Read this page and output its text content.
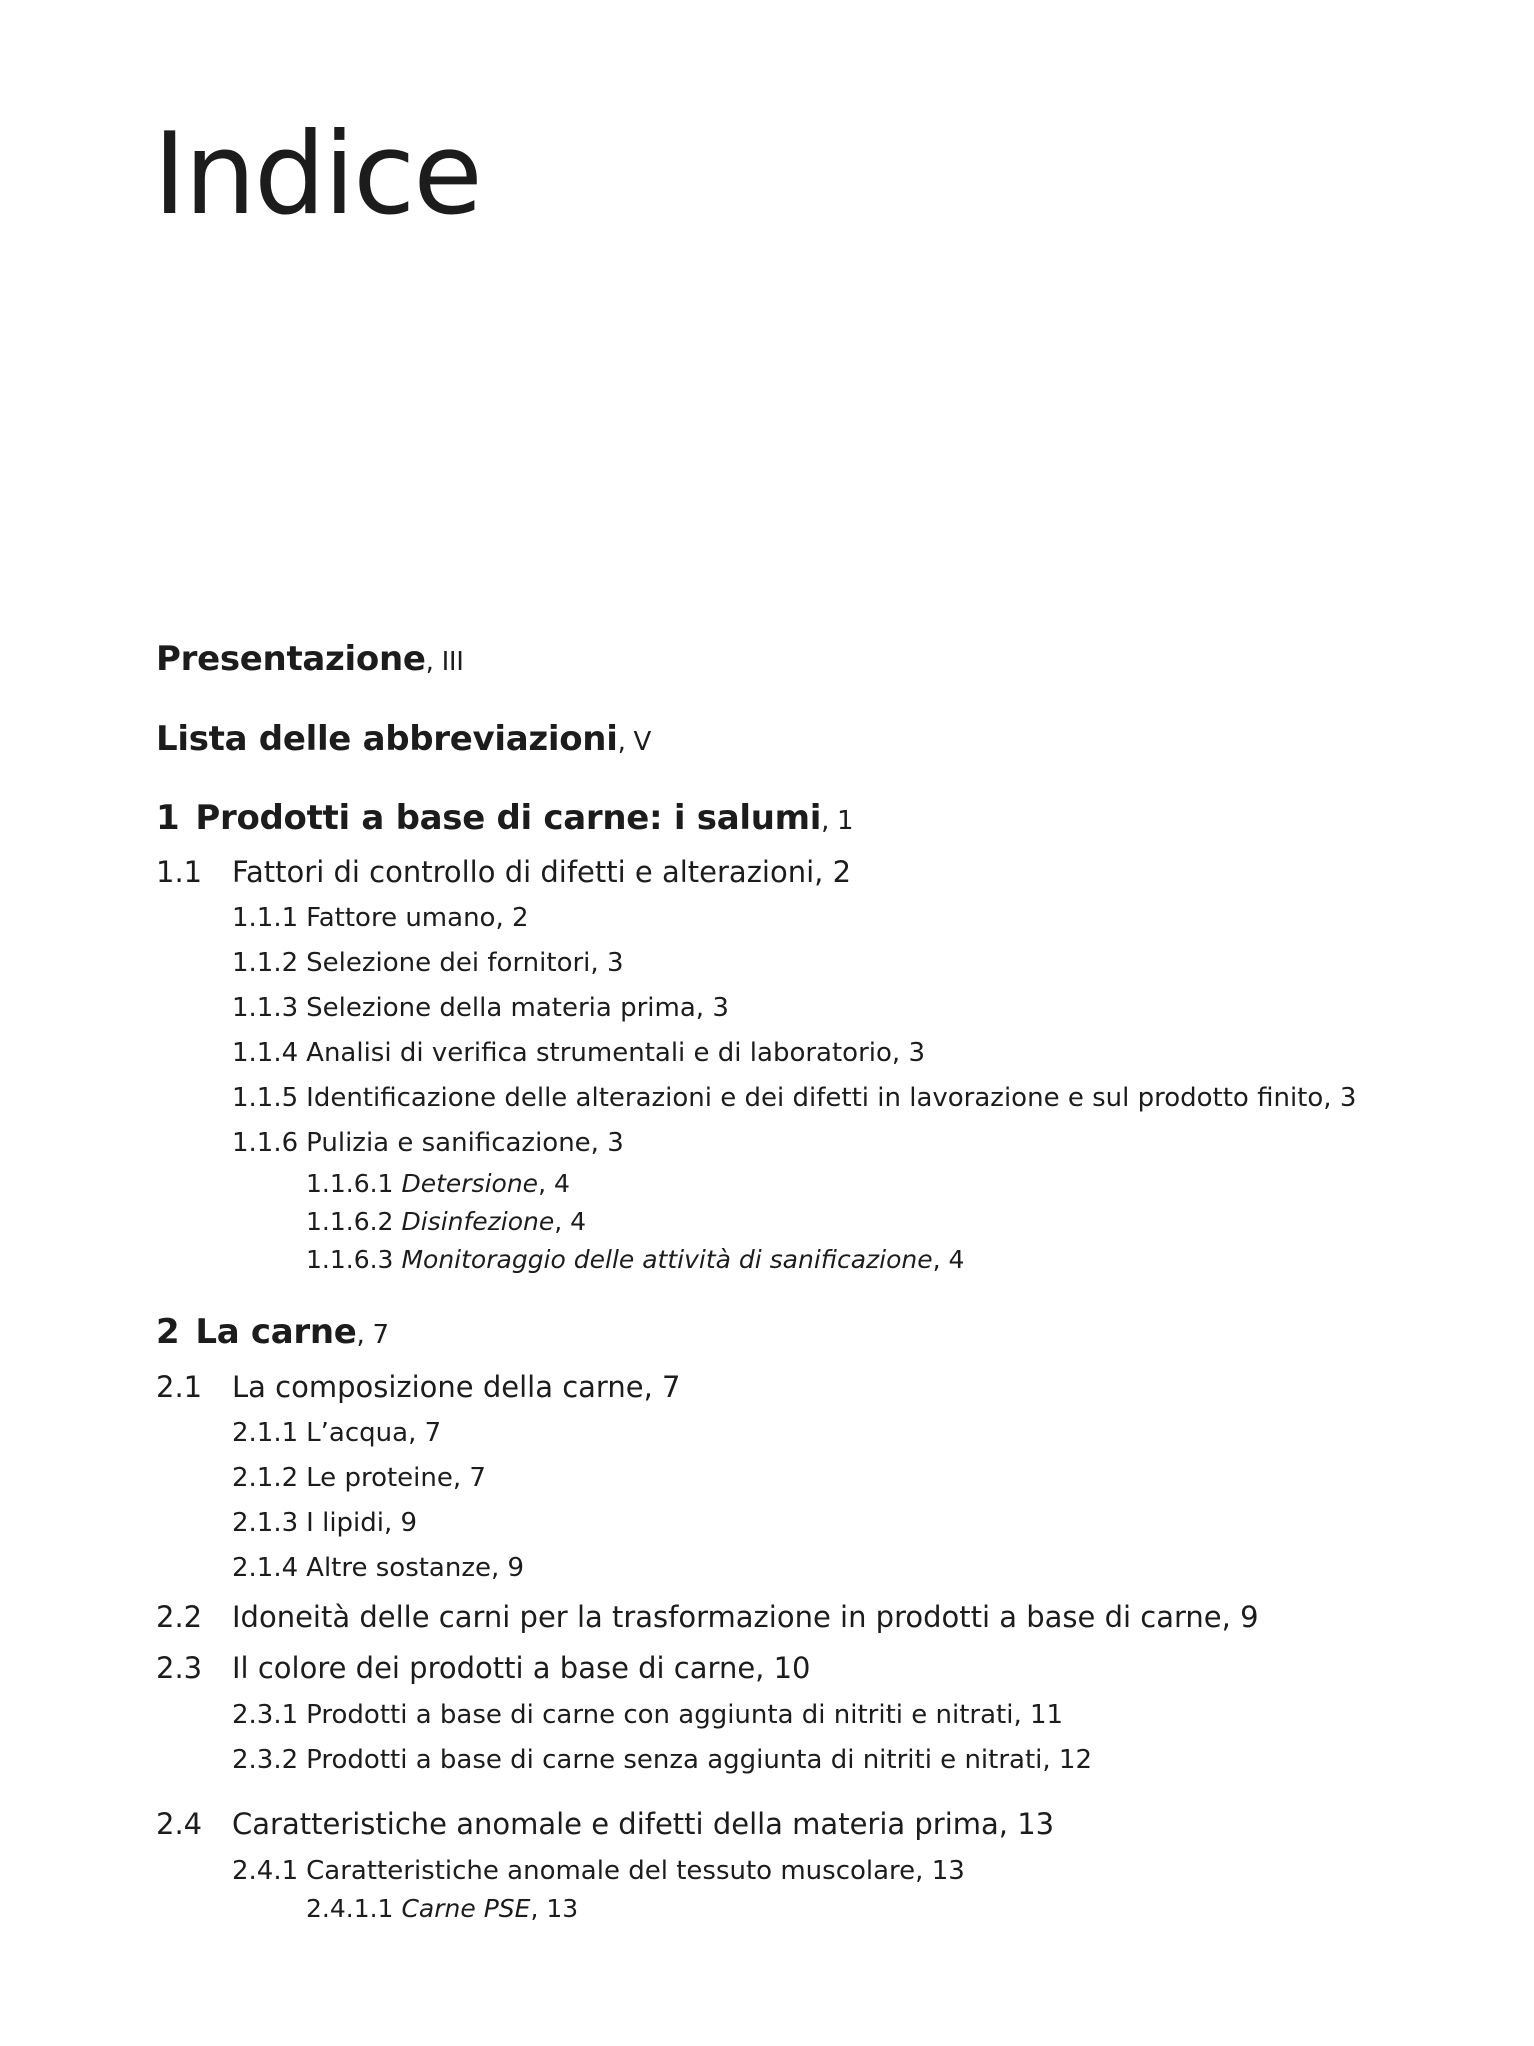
Indice
Presentazione, III
Lista delle abbreviazioni, V
1 Prodotti a base di carne: i salumi, 1
1.1 Fattori di controllo di difetti e alterazioni, 2
1.1.1 Fattore umano, 2
1.1.2 Selezione dei fornitori, 3
1.1.3 Selezione della materia prima, 3
1.1.4 Analisi di verifica strumentali e di laboratorio, 3
1.1.5 Identificazione delle alterazioni e dei difetti in lavorazione e sul prodotto finito, 3
1.1.6 Pulizia e sanificazione, 3
1.1.6.1 Detersione, 4
1.1.6.2 Disinfezione, 4
1.1.6.3 Monitoraggio delle attività di sanificazione, 4
2 La carne, 7
2.1 La composizione della carne, 7
2.1.1 L’acqua, 7
2.1.2 Le proteine, 7
2.1.3 I lipidi, 9
2.1.4 Altre sostanze, 9
2.2 Idoneità delle carni per la trasformazione in prodotti a base di carne, 9
2.3 Il colore dei prodotti a base di carne, 10
2.3.1 Prodotti a base di carne con aggiunta di nitriti e nitrati, 11
2.3.2 Prodotti a base di carne senza aggiunta di nitriti e nitrati, 12
2.4 Caratteristiche anomale e difetti della materia prima, 13
2.4.1 Caratteristiche anomale del tessuto muscolare, 13
2.4.1.1 Carne PSE, 13
